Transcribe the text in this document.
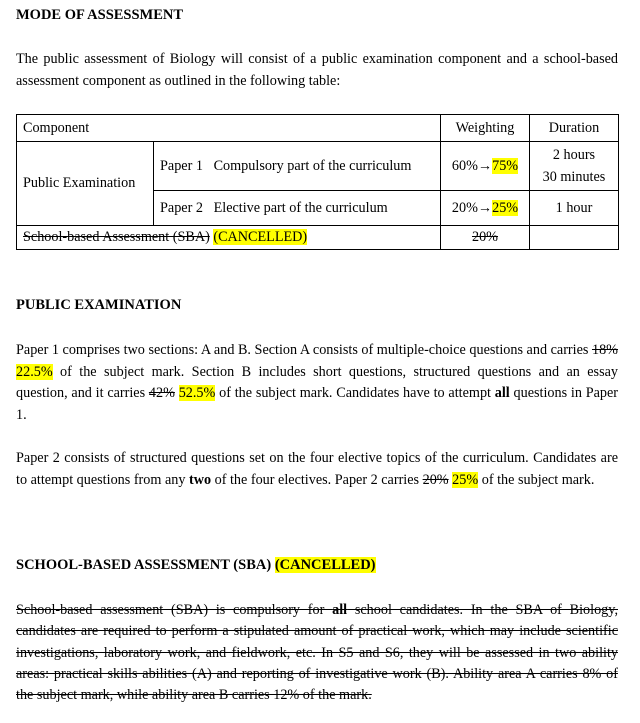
MODE OF ASSESSMENT

The public assessment of Biology will consist of a public examination component and a school-based assessment component as outlined in the following table:

Component		Weighting	Duration
Public Examination	Paper 1 Compulsory part of the curriculum	60%→75%	2 hours
30 minutes
	Paper 2 Elective part of the curriculum	20%→25%	1 hour
School-based Assessment (SBA) (CANCELLED)		20%	
PUBLIC EXAMINATION

Paper 1 comprises two sections: A and B. Section A consists of multiple-choice questions and carries 18% 22.5% of the subject mark. Section B includes short questions, structured questions and an essay question, and it carries 42% 52.5% of the subject mark. Candidates have to attempt all questions in Paper 1.

Paper 2 consists of structured questions set on the four elective topics of the curriculum. Candidates are to attempt questions from any two of the four electives. Paper 2 carries 20% 25% of the subject mark.

SCHOOL-BASED ASSESSMENT (SBA) (CANCELLED)

School-based assessment (SBA) is compulsory for all school candidates. In the SBA of Biology, candidates are required to perform a stipulated amount of practical work, which may include scientific investigations, laboratory work, and fieldwork, etc. In S5 and S6, they will be assessed in two ability areas: practical skills abilities (A) and reporting of investigative work (B). Ability area A carries 8% of the subject mark, while ability area B carries 12% of the mark.
